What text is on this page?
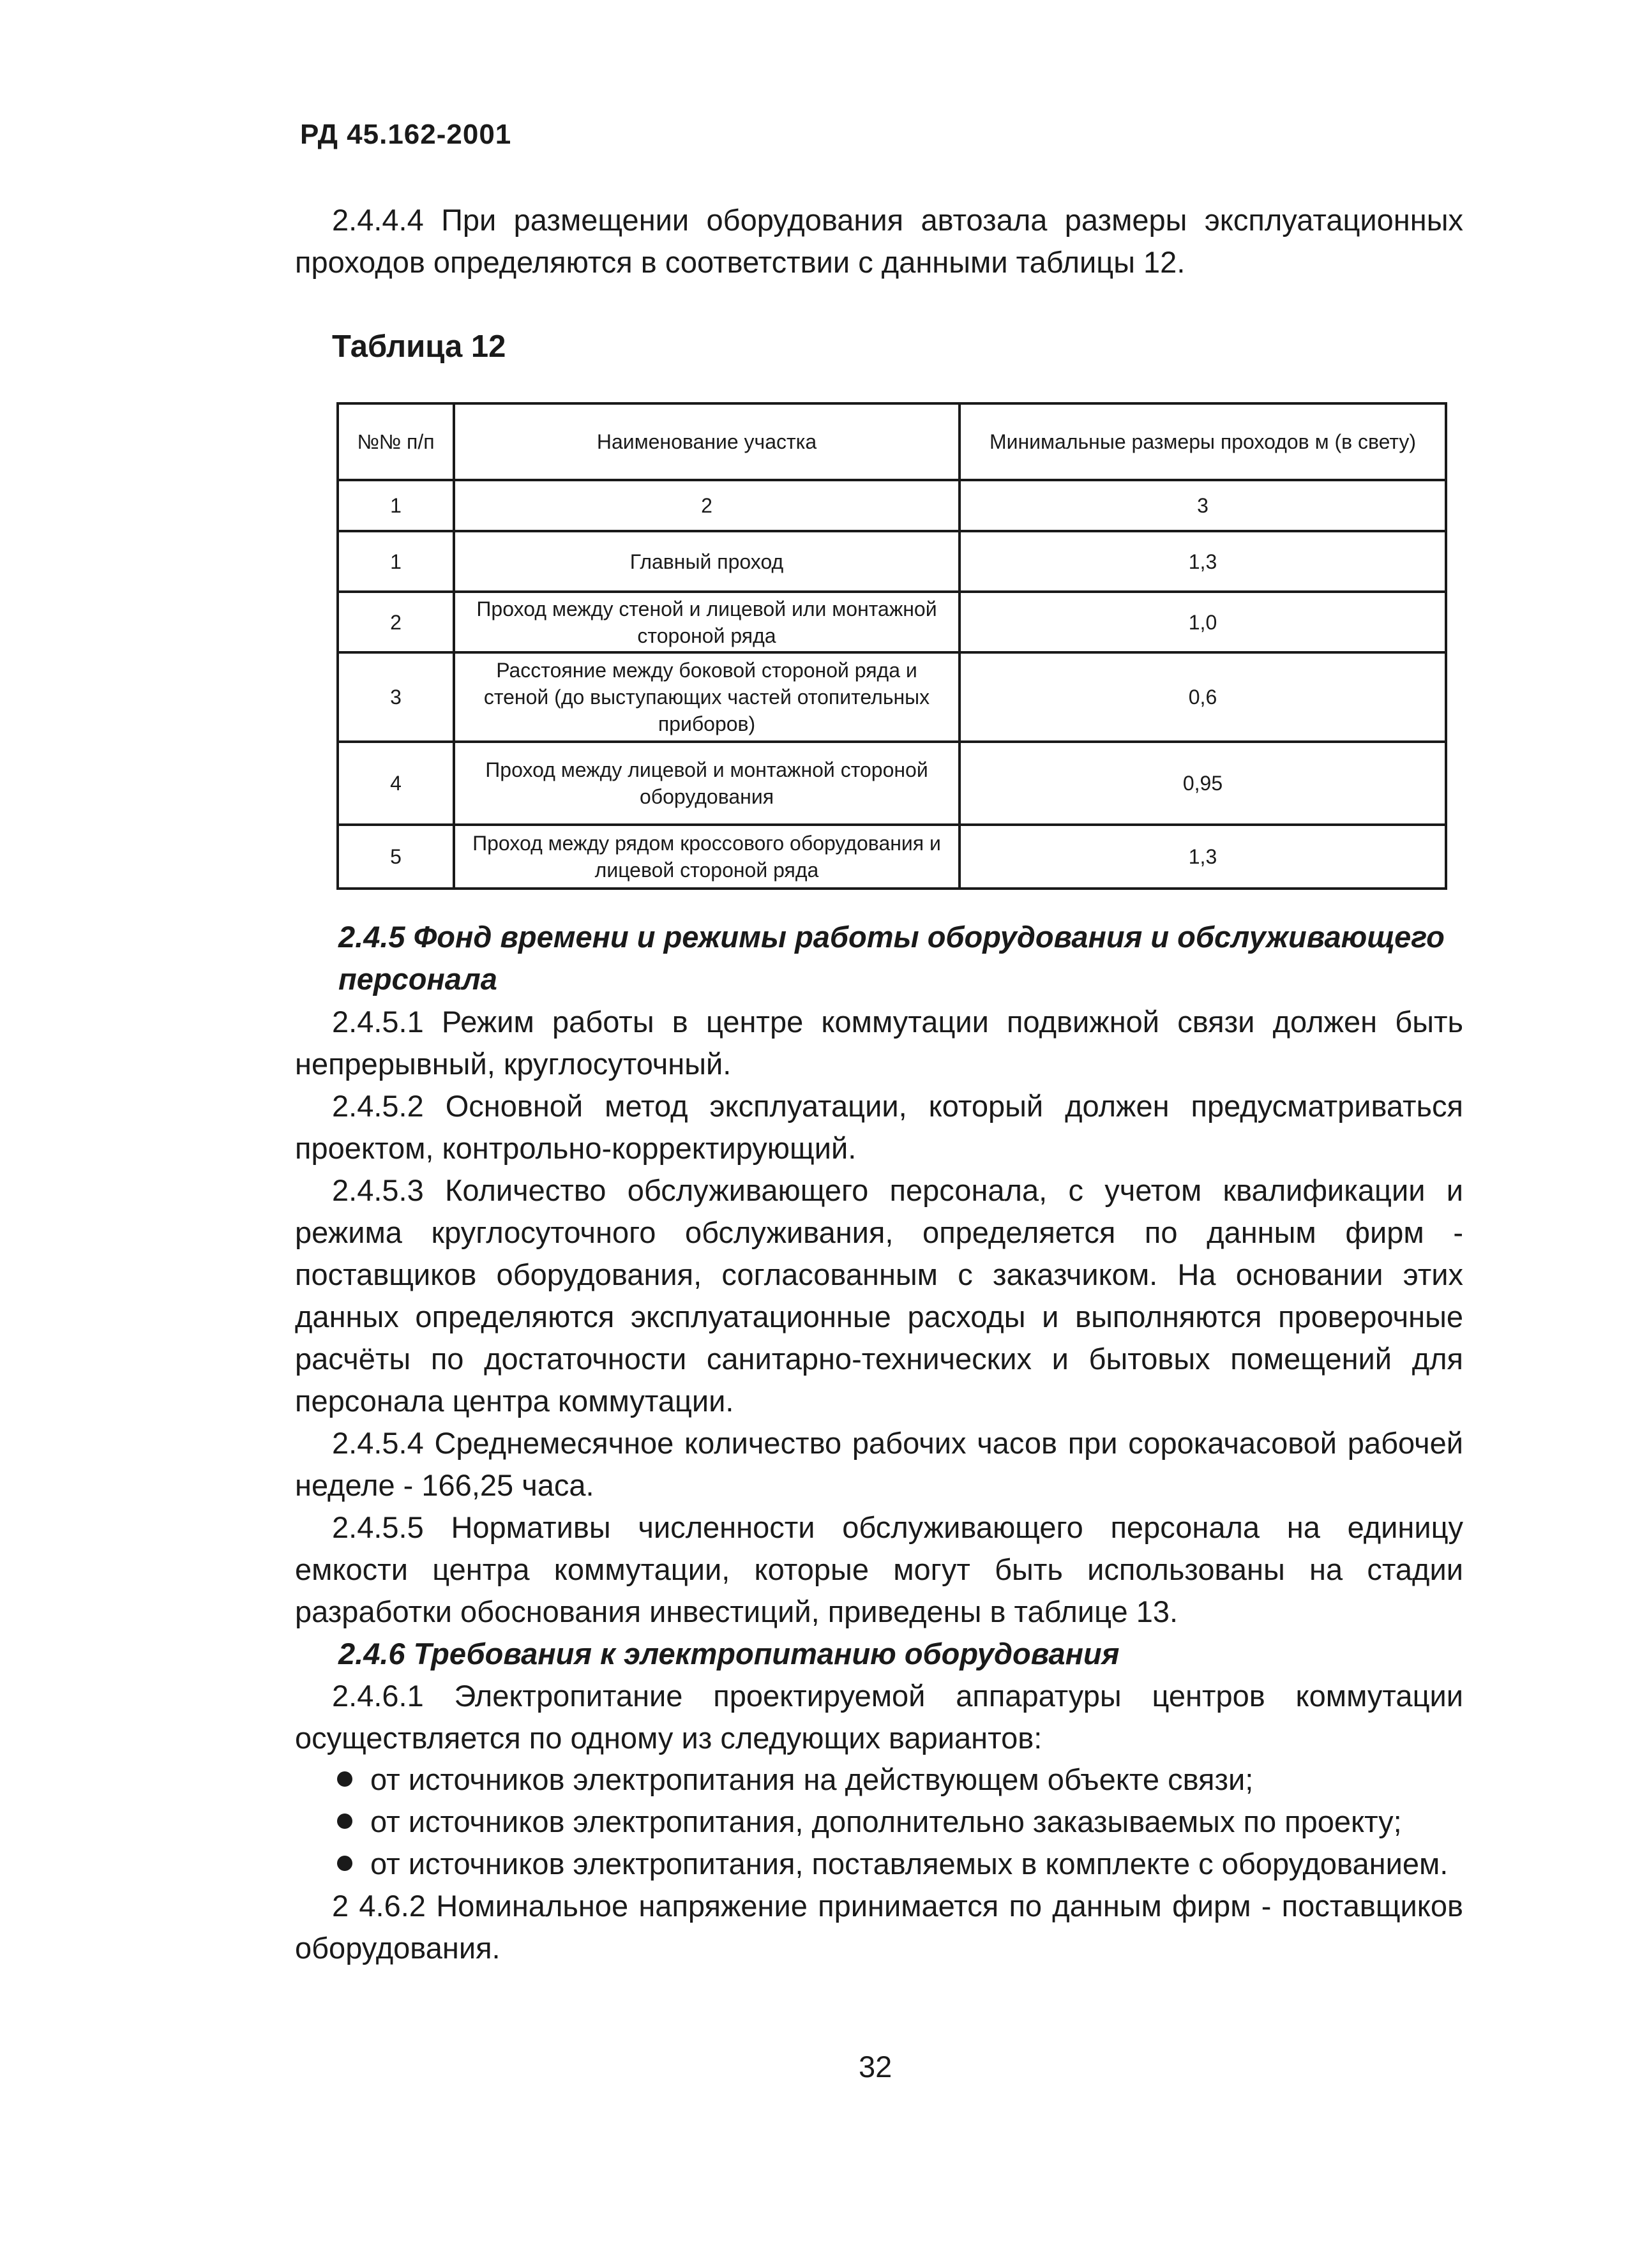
РД 45.162-2001
2.4.4.4 При размещении оборудования автозала размеры эксплуатационных проходов определяются в соответствии с данными таблицы 12.
Таблица 12
№№ п/п	Наименование участка	Минимальные размеры проходов м (в свету)
1	2	3
1	Главный проход	1,3
2	Проход между стеной и лицевой или монтажной стороной ряда	1,0
3	Расстояние между боковой стороной ряда и стеной (до выступающих частей отопительных приборов)	0,6
4	Проход между лицевой и монтажной стороной оборудования	0,95
5	Проход между рядом кроссового оборудования и лицевой стороной ряда	1,3
2.4.5 Фонд времени и режимы работы оборудования и обслуживающего персонала
2.4.5.1 Режим работы в центре коммутации подвижной связи должен быть непрерывный, круглосуточный.
2.4.5.2 Основной метод эксплуатации, который должен предусматриваться проектом, контрольно-корректирующий.
2.4.5.3 Количество обслуживающего персонала, с учетом квалификации и режима круглосуточного обслуживания, определяется по данным фирм - поставщиков оборудования, согласованным с заказчиком. На основании этих данных определяются эксплуатационные расходы и выполняются проверочные расчёты по достаточности санитарно-технических и бытовых помещений для персонала центра коммутации.
2.4.5.4 Среднемесячное количество рабочих часов при сорокачасовой рабочей неделе - 166,25 часа.
2.4.5.5 Нормативы численности обслуживающего персонала на единицу емкости центра коммутации, которые могут быть использованы на стадии разработки обоснования инвестиций, приведены в таблице 13.
2.4.6 Требования к электропитанию оборудования
2.4.6.1 Электропитание проектируемой аппаратуры центров коммутации осуществляется по одному из следующих вариантов:
от источников электропитания на действующем объекте связи;
от источников электропитания, дополнительно заказываемых по проекту;
от источников электропитания, поставляемых в комплекте с оборудованием.
2 4.6.2 Номинальное напряжение принимается по данным фирм - поставщиков оборудования.
32
